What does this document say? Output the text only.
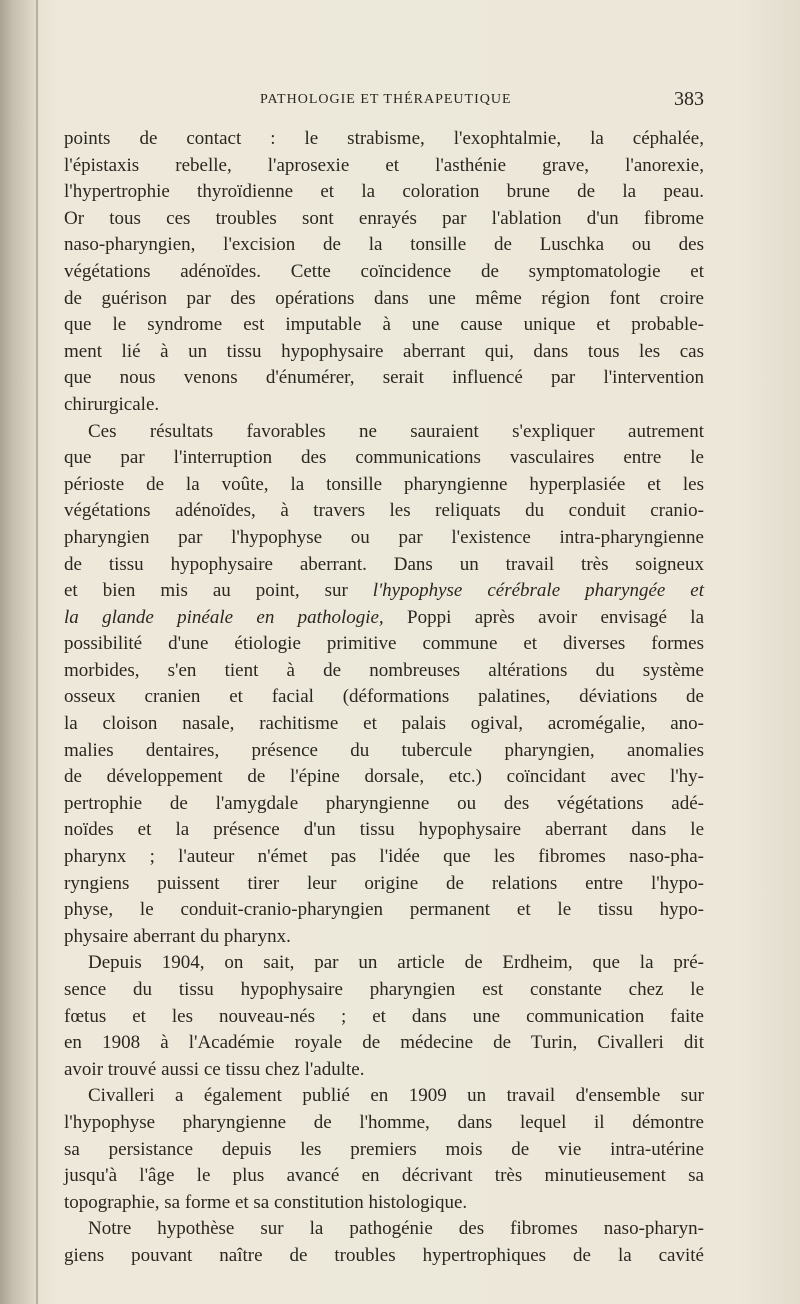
PATHOLOGIE ET THÉRAPEUTIQUE	383
points de contact : le strabisme, l'exophtalmie, la céphalée,
l'épistaxis rebelle, l'aprosexie et l'asthénie grave, l'anorexie,
l'hypertrophie thyroïdienne et la coloration brune de la peau.
Or tous ces troubles sont enrayés par l'ablation d'un fibrome
naso-pharyngien, l'excision de la tonsille de Luschka ou des
végétations adénoïdes. Cette coïncidence de symptomatologie et
de guérison par des opérations dans une même région font croire
que le syndrome est imputable à une cause unique et probable-
ment lié à un tissu hypophysaire aberrant qui, dans tous les cas
que nous venons d'énumérer, serait influencé par l'intervention
chirurgicale.
Ces résultats favorables ne sauraient s'expliquer autrement
que par l'interruption des communications vasculaires entre le
périoste de la voûte, la tonsille pharyngienne hyperplasiée et les
végétations adénoïdes, à travers les reliquats du conduit cranio-
pharyngien par l'hypophyse ou par l'existence intra-pharyngienne
de tissu hypophysaire aberrant. Dans un travail très soigneux
et bien mis au point, sur l'hypophyse cérébrale pharyngée et
la glande pinéale en pathologie, Poppi après avoir envisagé la
possibilité d'une étiologie primitive commune et diverses formes
morbides, s'en tient à de nombreuses altérations du système
osseux cranien et facial (déformations palatines, déviations de
la cloison nasale, rachitisme et palais ogival, acromégalie, ano-
malies dentaires, présence du tubercule pharyngien, anomalies
de développement de l'épine dorsale, etc.) coïncidant avec l'hy-
pertrophie de l'amygdale pharyngienne ou des végétations adé-
noïdes et la présence d'un tissu hypophysaire aberrant dans le
pharynx ; l'auteur n'émet pas l'idée que les fibromes naso-pha-
ryngiens puissent tirer leur origine de relations entre l'hypo-
physe, le conduit-cranio-pharyngien permanent et le tissu hypo-
physaire aberrant du pharynx.
Depuis 1904, on sait, par un article de Erdheim, que la pré-
sence du tissu hypophysaire pharyngien est constante chez le
fœtus et les nouveau-nés ; et dans une communication faite
en 1908 à l'Académie royale de médecine de Turin, Civalleri dit
avoir trouvé aussi ce tissu chez l'adulte.
Civalleri a également publié en 1909 un travail d'ensemble sur
l'hypophyse pharyngienne de l'homme, dans lequel il démontre
sa persistance depuis les premiers mois de vie intra-utérine
jusqu'à l'âge le plus avancé en décrivant très minutieusement sa
topographie, sa forme et sa constitution histologique.
Notre hypothèse sur la pathogénie des fibromes naso-pharyn-
giens pouvant naître de troubles hypertrophiques de la cavité
